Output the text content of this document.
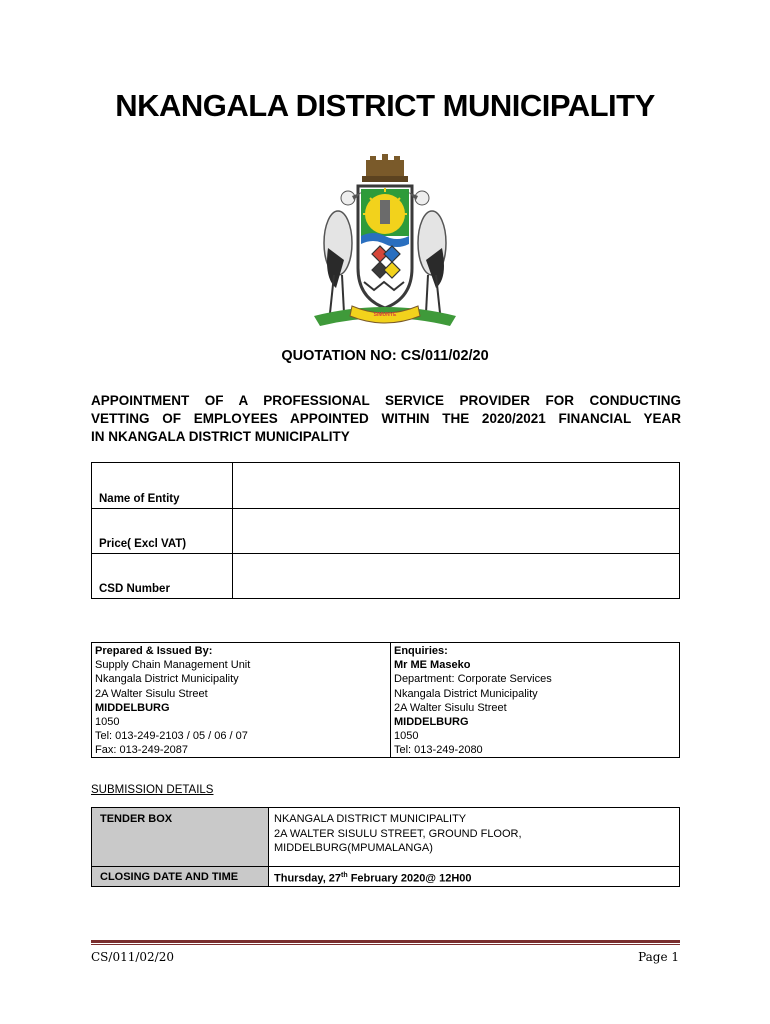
NKANGALA DISTRICT MUNICIPALITY
SIMUNYE
QUOTATION NO: CS/011/02/20
APPOINTMENT OF A PROFESSIONAL SERVICE PROVIDER FOR CONDUCTING
VETTING OF EMPLOYEES APPOINTED WITHIN THE 2020/2021 FINANCIAL YEAR
IN NKANGALA DISTRICT MUNICIPALITY
Name of Entity
Price( Excl VAT)
CSD Number
Prepared & Issued By:
Supply Chain Management Unit
Nkangala District Municipality
2A Walter Sisulu Street
MIDDELBURG
1050
Tel: 013-249-2103 / 05 / 06 / 07
Fax: 013-249-2087
Enquiries:
Mr ME Maseko
Department: Corporate Services
Nkangala District Municipality
2A Walter Sisulu Street
MIDDELBURG
1050
Tel: 013-249-2080
SUBMISSION DETAILS
TENDER BOX	NKANGALA DISTRICT MUNICIPALITY
2A WALTER SISULU STREET, GROUND FLOOR,
MIDDELBURG(MPUMALANGA)
CLOSING DATE AND TIME	Thursday, 27th February 2020@ 12H00
CS/011/02/20	Page 1
